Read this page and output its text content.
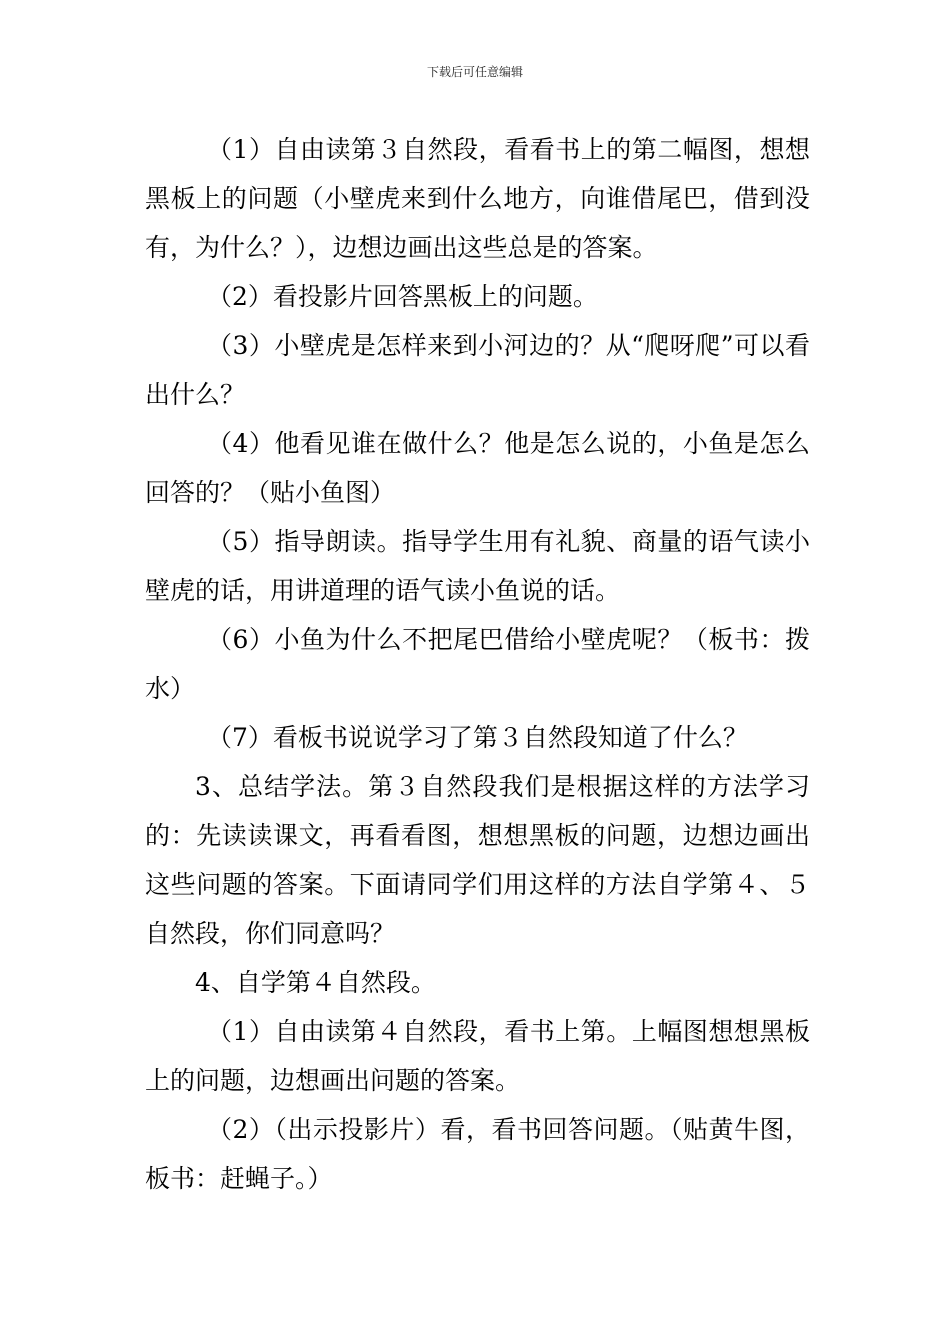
下载后可任意编辑

（1）自由读第３自然段，看看书上的第二幅图，想想黑板上的问题（小壁虎来到什么地方，向谁借尾巴，借到没有，为什么？），边想边画出这些总是的答案。

（2）看投影片回答黑板上的问题。

（3）小壁虎是怎样来到小河边的？从“爬呀爬”可以看出什么？

（4）他看见谁在做什么？他是怎么说的，小鱼是怎么回答的？（贴小鱼图）

（5）指导朗读。指导学生用有礼貌、商量的语气读小壁虎的话，用讲道理的语气读小鱼说的话。

（6）小鱼为什么不把尾巴借给小壁虎呢？（板书：拨水）

（7）看板书说说学习了第３自然段知道了什么？

3、总结学法。第３自然段我们是根据这样的方法学习的：先读读课文，再看看图，想想黑板的问题，边想边画出这些问题的答案。下面请同学们用这样的方法自学第４、５自然段，你们同意吗？

4、自学第４自然段。

（1）自由读第４自然段，看书上第。上幅图想想黑板上的问题，边想画出问题的答案。

（2）（出示投影片）看，看书回答问题。（贴黄牛图，板书：赶蝇子。）
